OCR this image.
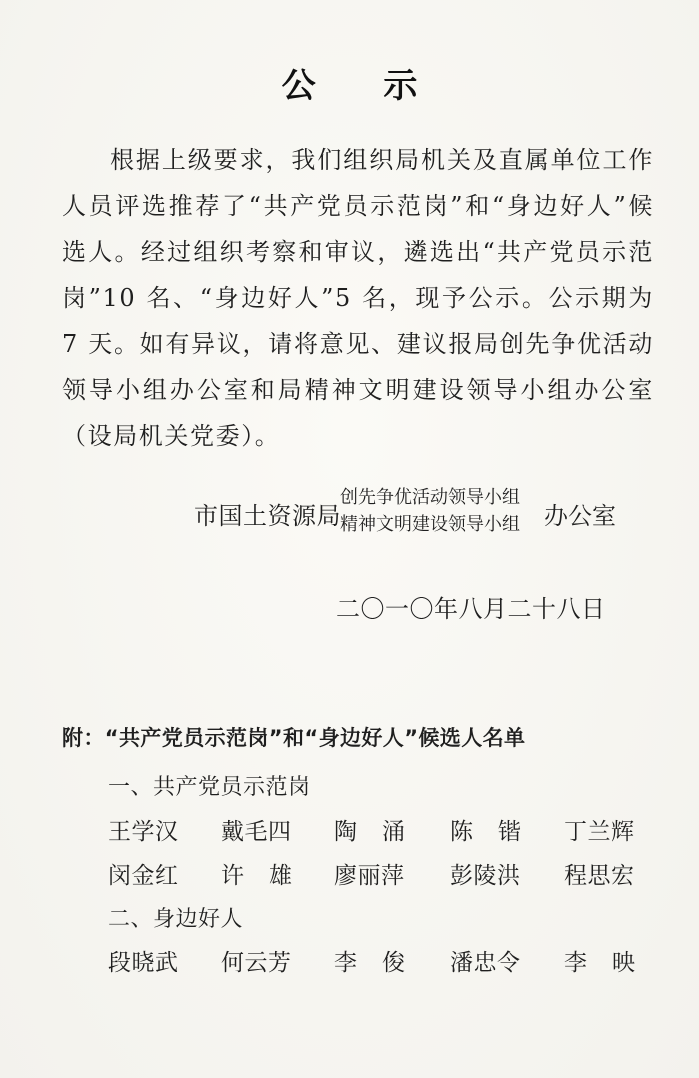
公 示
根据上级要求，我们组织局机关及直属单位工作人员评选推荐了“共产党员示范岗”和“身边好人”候选人。经过组织考察和审议，遴选出“共产党员示范岗”10 名、“身边好人”5 名，现予公示。公示期为 7 天。如有异议，请将意见、建议报局创先争优活动领导小组办公室和局精神文明建设领导小组办公室（设局机关党委）。
市国土资源局
创先争优活动领导小组
精神文明建设领导小组 办公室
二〇一〇年八月二十八日
附：“共产党员示范岗”和“身边好人”候选人名单
一、共产党员示范岗
王学汉 戴毛四 陶涌 陈锴 丁兰辉
闵金红 许雄 廖丽萍 彭陵洪 程思宏
二、身边好人
段晓武 何云芳 李俊 潘忠令 李映
